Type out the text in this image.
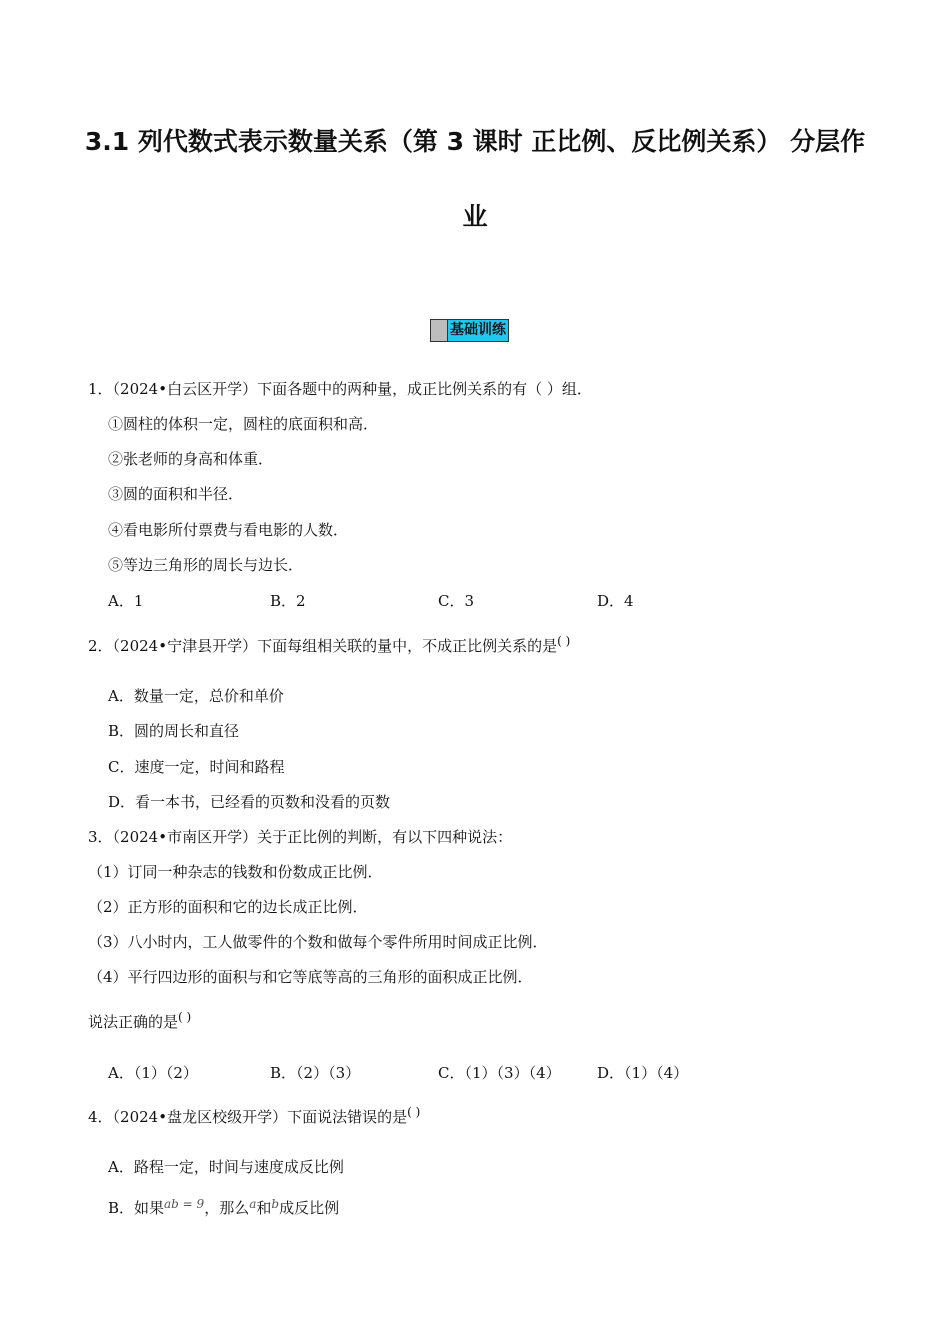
3.1 列代数式表示数量关系（第 3 课时 正比例、反比例关系） 分层作
业
基础训练
1．（2024•白云区开学）下面各题中的两种量，成正比例关系的有（ ）组．
①圆柱的体积一定，圆柱的底面积和高．
②张老师的身高和体重．
③圆的面积和半径．
④看电影所付票费与看电影的人数．
⑤等边三角形的周长与边长．
A．1	B．2	C．3	D．4
2．（2024•宁津县开学）下面每组相关联的量中，不成正比例关系的是( )
A．数量一定，总价和单价
B．圆的周长和直径
C．速度一定，时间和路程
D．看一本书，已经看的页数和没看的页数
3．（2024•市南区开学）关于正比例的判断，有以下四种说法：
（1）订同一种杂志的钱数和份数成正比例．
（2）正方形的面积和它的边长成正比例．
（3）八小时内，工人做零件的个数和做每个零件所用时间成正比例．
（4）平行四边形的面积与和它等底等高的三角形的面积成正比例．
说法正确的是( )
A．（1）（2）	B．（2）（3）	C．（1）（3）（4） D．（1）（4）
4．（2024•盘龙区校级开学）下面说法错误的是( )
A．路程一定，时间与速度成反比例
B．如果$^{ab = 9}$，那么$^a$和$^b$成反比例
